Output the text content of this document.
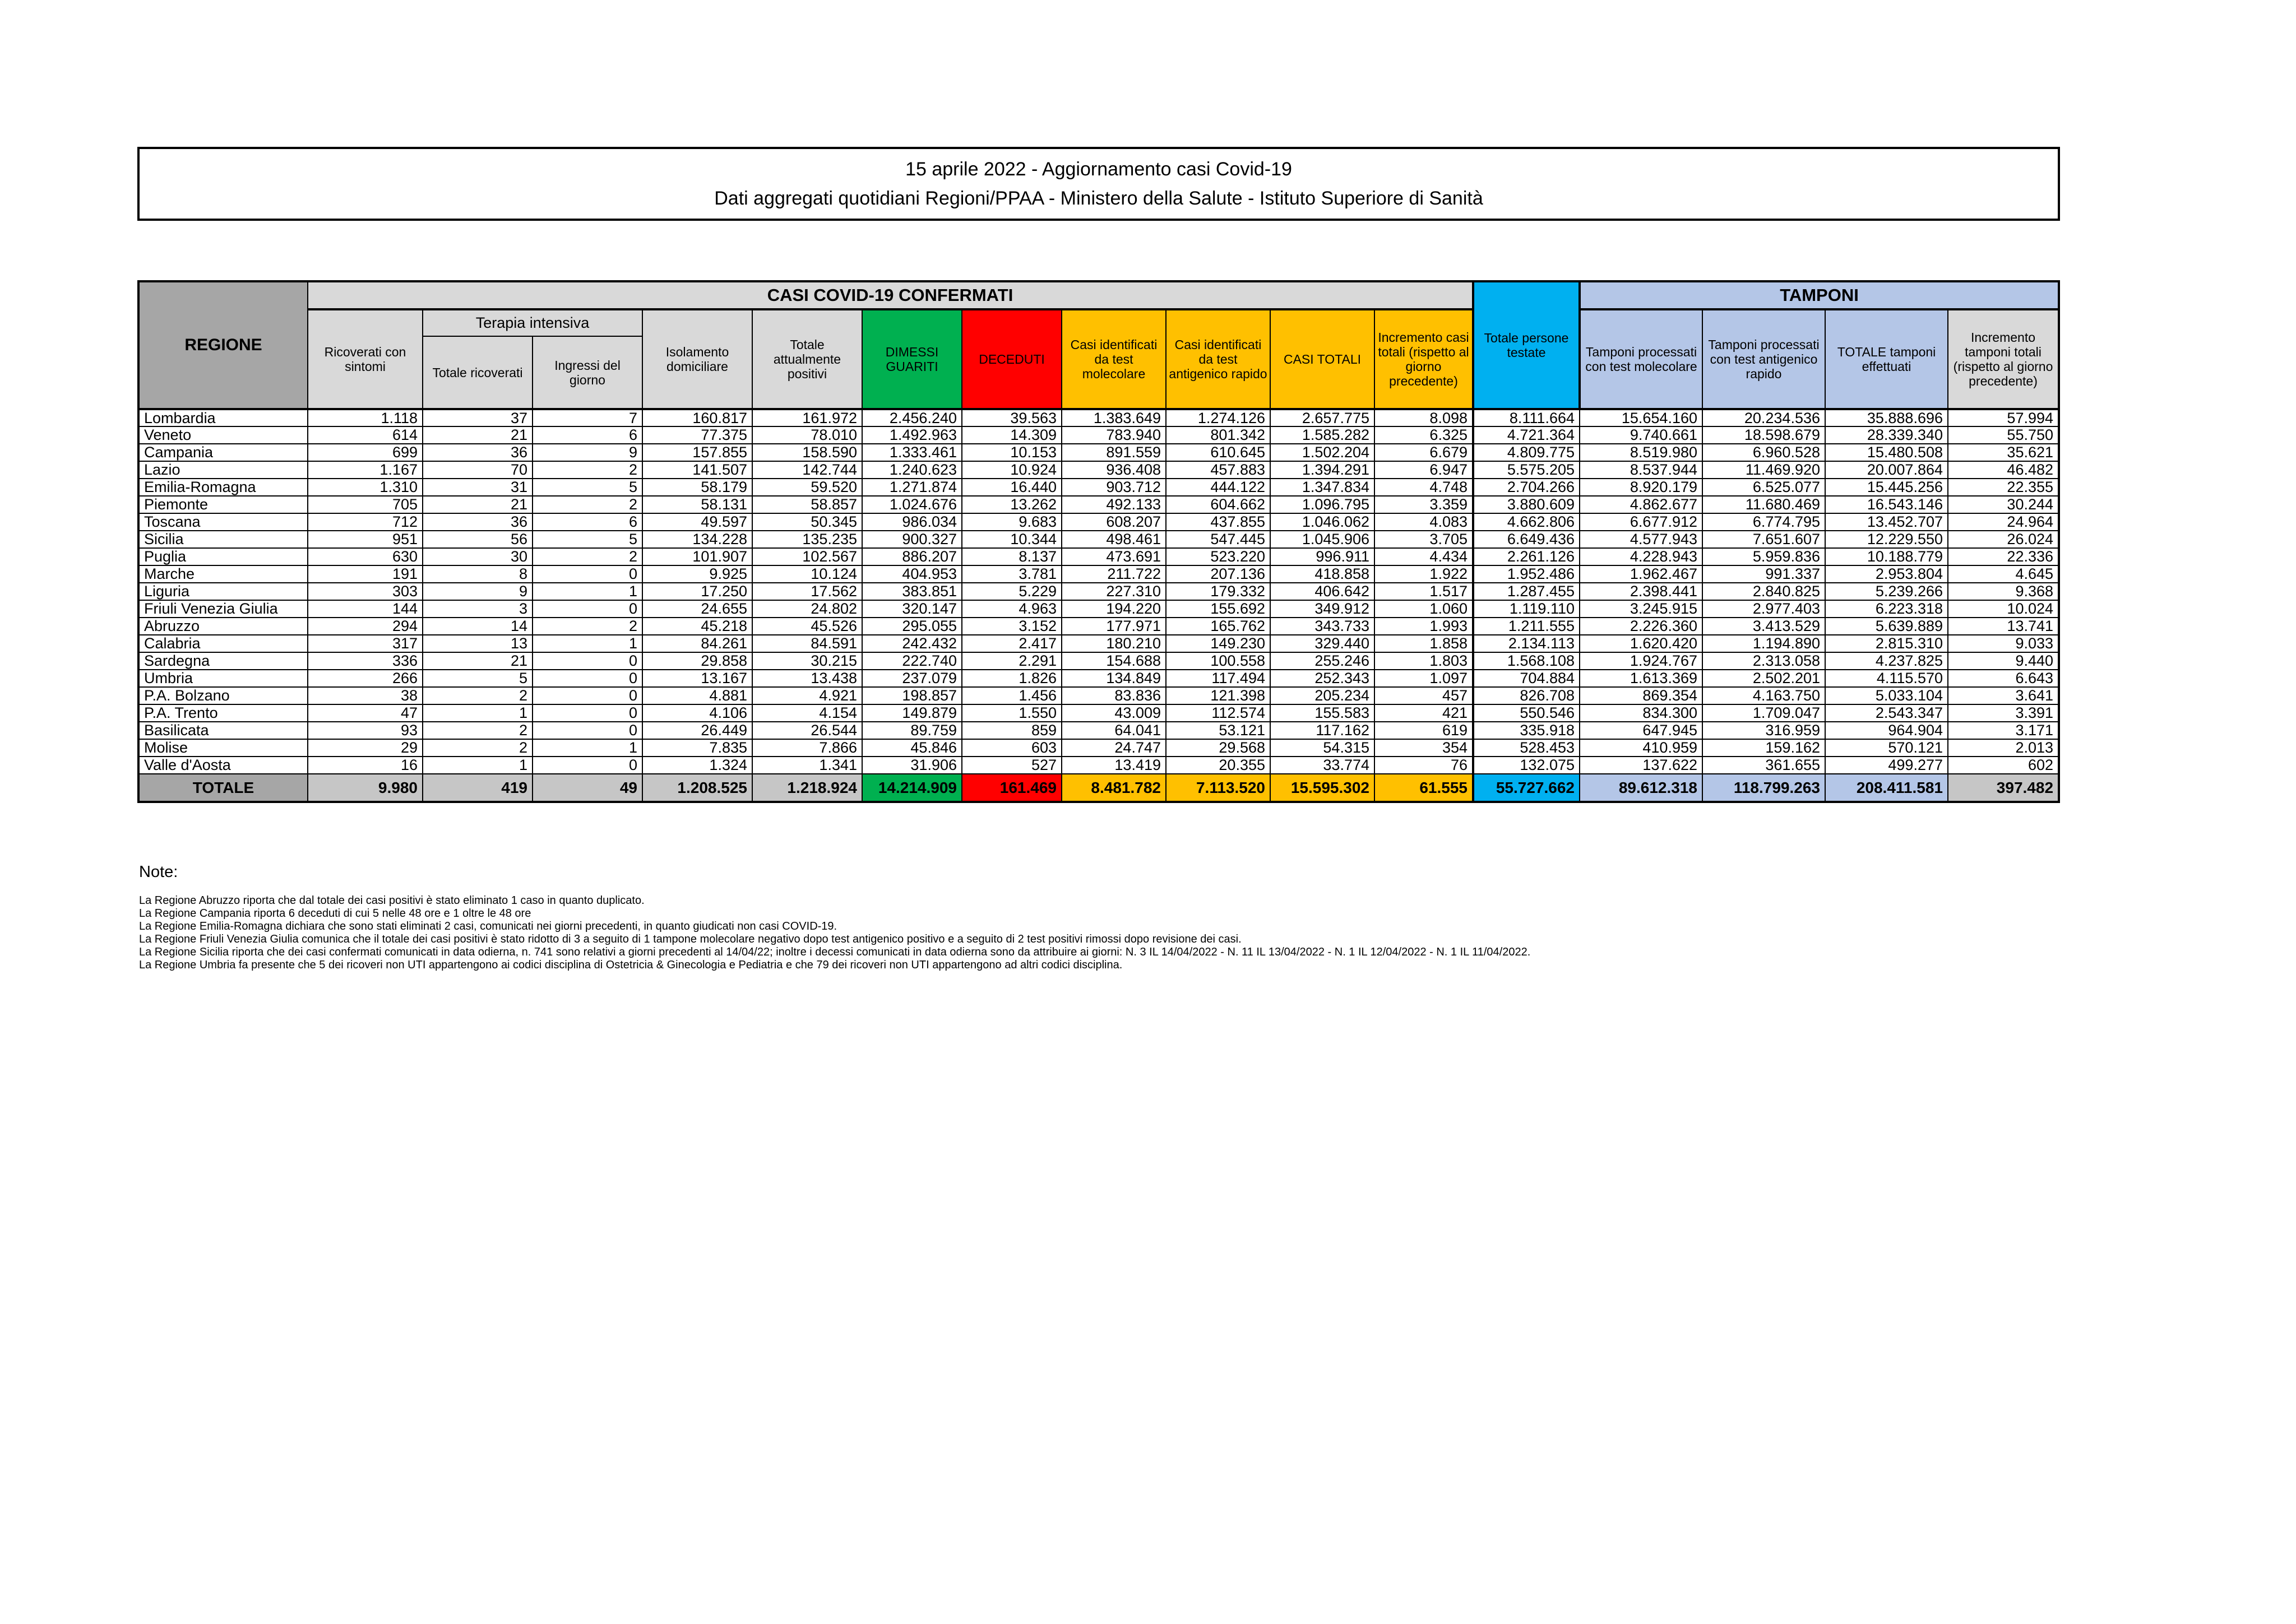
15 aprile 2022 - Aggiornamento casi Covid-19
Dati aggregati quotidiani Regioni/PPAA - Ministero della Salute - Istituto Superiore di Sanità
REGIONE	CASI COVID-19 CONFERMATI											Totale persone testate	TAMPONI			
	Ricoverati con sintomi	Terapia intensiva		Isolamento domiciliare	Totale attualmente positivi	DIMESSI GUARITI	DECEDUTI	Casi identificati da test molecolare	Casi identificati da test antigenico rapido	CASI TOTALI	Incremento casi totali (rispetto al giorno precedente)		Tamponi processati con test molecolare	Tamponi processati con test antigenico rapido	TOTALE tamponi effettuati	Incremento tamponi totali (rispetto al giorno precedente)
		Totale ricoverati	Ingressi del giorno													
Lombardia	1.118	37	7	160.817	161.972	2.456.240	39.563	1.383.649	1.274.126	2.657.775	8.098	8.111.664	15.654.160	20.234.536	35.888.696	57.994
Veneto	614	21	6	77.375	78.010	1.492.963	14.309	783.940	801.342	1.585.282	6.325	4.721.364	9.740.661	18.598.679	28.339.340	55.750
Campania	699	36	9	157.855	158.590	1.333.461	10.153	891.559	610.645	1.502.204	6.679	4.809.775	8.519.980	6.960.528	15.480.508	35.621
Lazio	1.167	70	2	141.507	142.744	1.240.623	10.924	936.408	457.883	1.394.291	6.947	5.575.205	8.537.944	11.469.920	20.007.864	46.482
Emilia-Romagna	1.310	31	5	58.179	59.520	1.271.874	16.440	903.712	444.122	1.347.834	4.748	2.704.266	8.920.179	6.525.077	15.445.256	22.355
Piemonte	705	21	2	58.131	58.857	1.024.676	13.262	492.133	604.662	1.096.795	3.359	3.880.609	4.862.677	11.680.469	16.543.146	30.244
Toscana	712	36	6	49.597	50.345	986.034	9.683	608.207	437.855	1.046.062	4.083	4.662.806	6.677.912	6.774.795	13.452.707	24.964
Sicilia	951	56	5	134.228	135.235	900.327	10.344	498.461	547.445	1.045.906	3.705	6.649.436	4.577.943	7.651.607	12.229.550	26.024
Puglia	630	30	2	101.907	102.567	886.207	8.137	473.691	523.220	996.911	4.434	2.261.126	4.228.943	5.959.836	10.188.779	22.336
Marche	191	8	0	9.925	10.124	404.953	3.781	211.722	207.136	418.858	1.922	1.952.486	1.962.467	991.337	2.953.804	4.645
Liguria	303	9	1	17.250	17.562	383.851	5.229	227.310	179.332	406.642	1.517	1.287.455	2.398.441	2.840.825	5.239.266	9.368
Friuli Venezia Giulia	144	3	0	24.655	24.802	320.147	4.963	194.220	155.692	349.912	1.060	1.119.110	3.245.915	2.977.403	6.223.318	10.024
Abruzzo	294	14	2	45.218	45.526	295.055	3.152	177.971	165.762	343.733	1.993	1.211.555	2.226.360	3.413.529	5.639.889	13.741
Calabria	317	13	1	84.261	84.591	242.432	2.417	180.210	149.230	329.440	1.858	2.134.113	1.620.420	1.194.890	2.815.310	9.033
Sardegna	336	21	0	29.858	30.215	222.740	2.291	154.688	100.558	255.246	1.803	1.568.108	1.924.767	2.313.058	4.237.825	9.440
Umbria	266	5	0	13.167	13.438	237.079	1.826	134.849	117.494	252.343	1.097	704.884	1.613.369	2.502.201	4.115.570	6.643
P.A. Bolzano	38	2	0	4.881	4.921	198.857	1.456	83.836	121.398	205.234	457	826.708	869.354	4.163.750	5.033.104	3.641
P.A. Trento	47	1	0	4.106	4.154	149.879	1.550	43.009	112.574	155.583	421	550.546	834.300	1.709.047	2.543.347	3.391
Basilicata	93	2	0	26.449	26.544	89.759	859	64.041	53.121	117.162	619	335.918	647.945	316.959	964.904	3.171
Molise	29	2	1	7.835	7.866	45.846	603	24.747	29.568	54.315	354	528.453	410.959	159.162	570.121	2.013
Valle d'Aosta	16	1	0	1.324	1.341	31.906	527	13.419	20.355	33.774	76	132.075	137.622	361.655	499.277	602
TOTALE	9.980	419	49	1.208.525	1.218.924	14.214.909	161.469	8.481.782	7.113.520	15.595.302	61.555	55.727.662	89.612.318	118.799.263	208.411.581	397.482
Note:
La Regione Abruzzo riporta che dal totale dei casi positivi è stato eliminato 1 caso in quanto duplicato.
La Regione Campania riporta 6 deceduti di cui 5 nelle 48 ore e 1 oltre le 48 ore
La Regione Emilia-Romagna dichiara che sono stati eliminati 2 casi, comunicati nei giorni precedenti, in quanto giudicati non casi COVID-19.
La Regione Friuli Venezia Giulia comunica che il totale dei casi positivi è stato ridotto di 3 a seguito di 1 tampone molecolare negativo dopo test antigenico positivo e a seguito di 2 test positivi rimossi dopo revisione dei casi.
La Regione Sicilia riporta che dei casi confermati comunicati in data odierna, n. 741 sono relativi a giorni precedenti al 14/04/22; inoltre i decessi comunicati in data odierna sono da attribuire ai giorni: N. 3 IL 14/04/2022 - N. 11 IL 13/04/2022 - N. 1 IL 12/04/2022 - N. 1 IL 11/04/2022.
La Regione Umbria fa presente che 5 dei ricoveri non UTI appartengono ai codici disciplina di Ostetricia & Ginecologia e Pediatria e che 79 dei ricoveri non UTI appartengono ad altri codici disciplina.
